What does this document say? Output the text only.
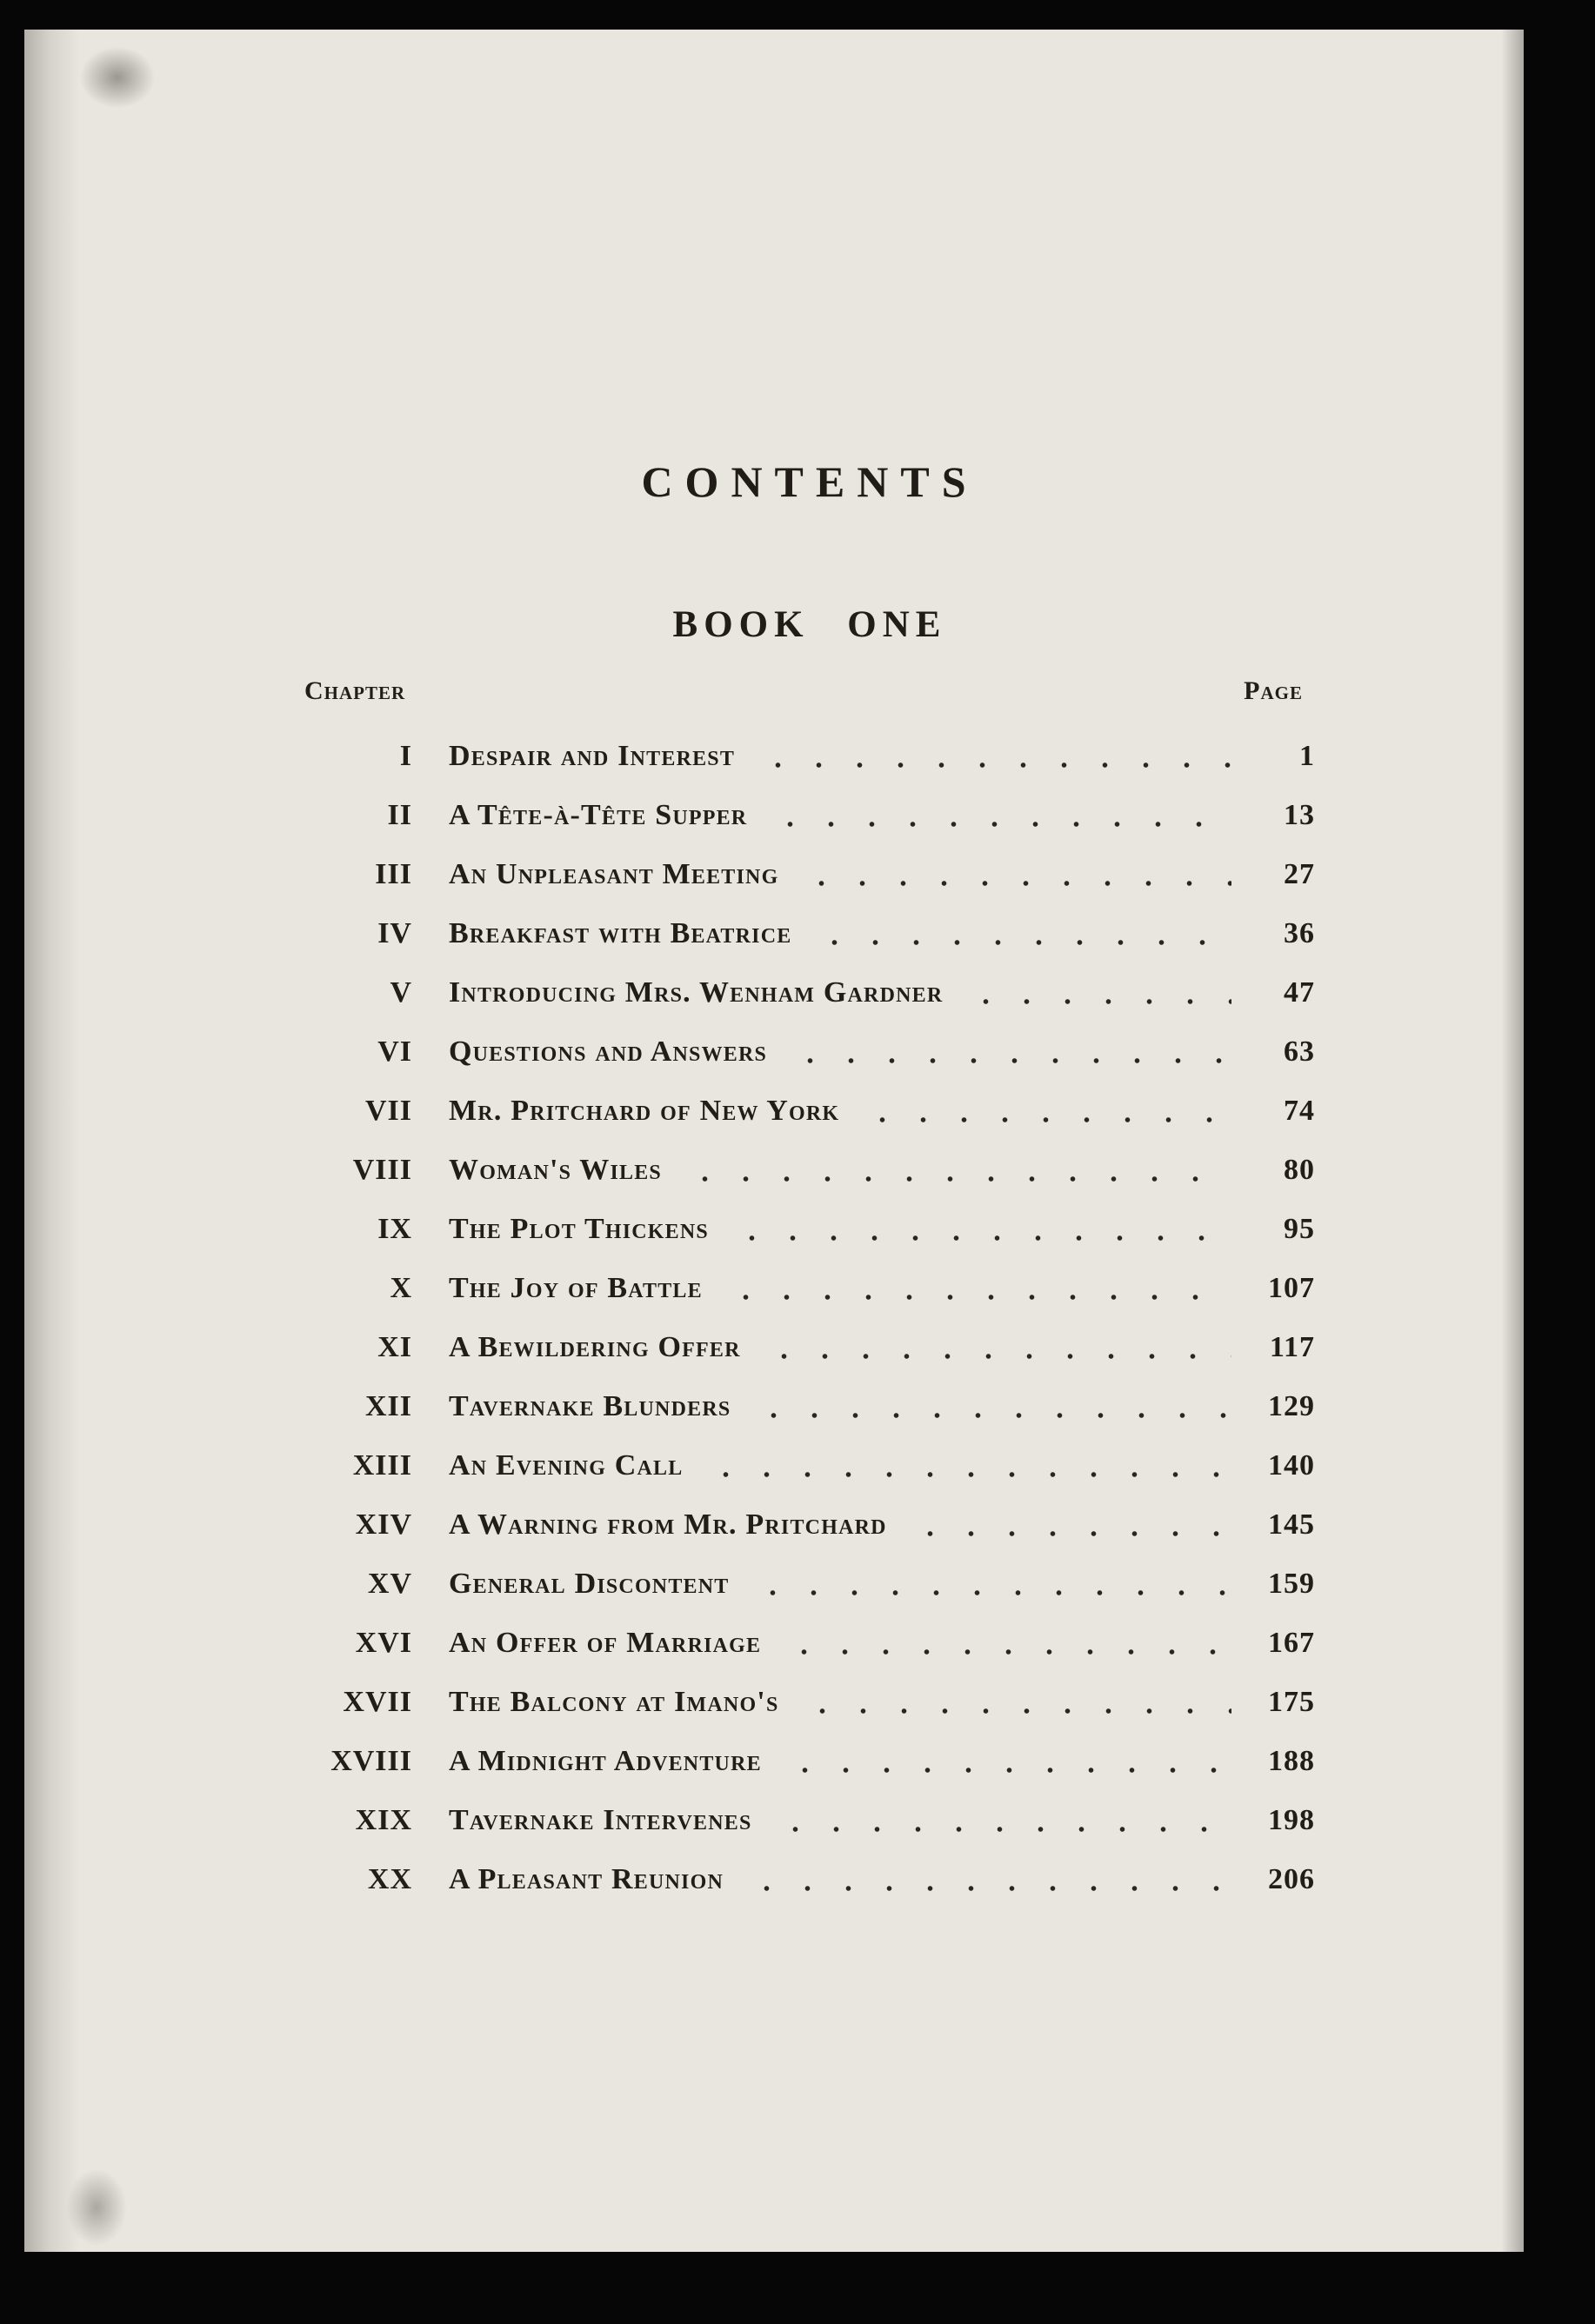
CONTENTS
BOOK ONE
Chapter	Page
I Despair and Interest	1
II A Tête-à-Tête Supper	13
III An Unpleasant Meeting	27
IV Breakfast with Beatrice	36
V Introducing Mrs. Wenham Gardner	47
VI Questions and Answers	63
VII Mr. Pritchard of New York	74
VIII Woman's Wiles	80
IX The Plot Thickens	95
X The Joy of Battle	107
XI A Bewildering Offer	117
XII Tavernake Blunders	129
XIII An Evening Call	140
XIV A Warning from Mr. Pritchard	145
XV General Discontent	159
XVI An Offer of Marriage	167
XVII The Balcony at Imano's	175
XVIII A Midnight Adventure	188
XIX Tavernake Intervenes	198
XX A Pleasant Reunion	206
